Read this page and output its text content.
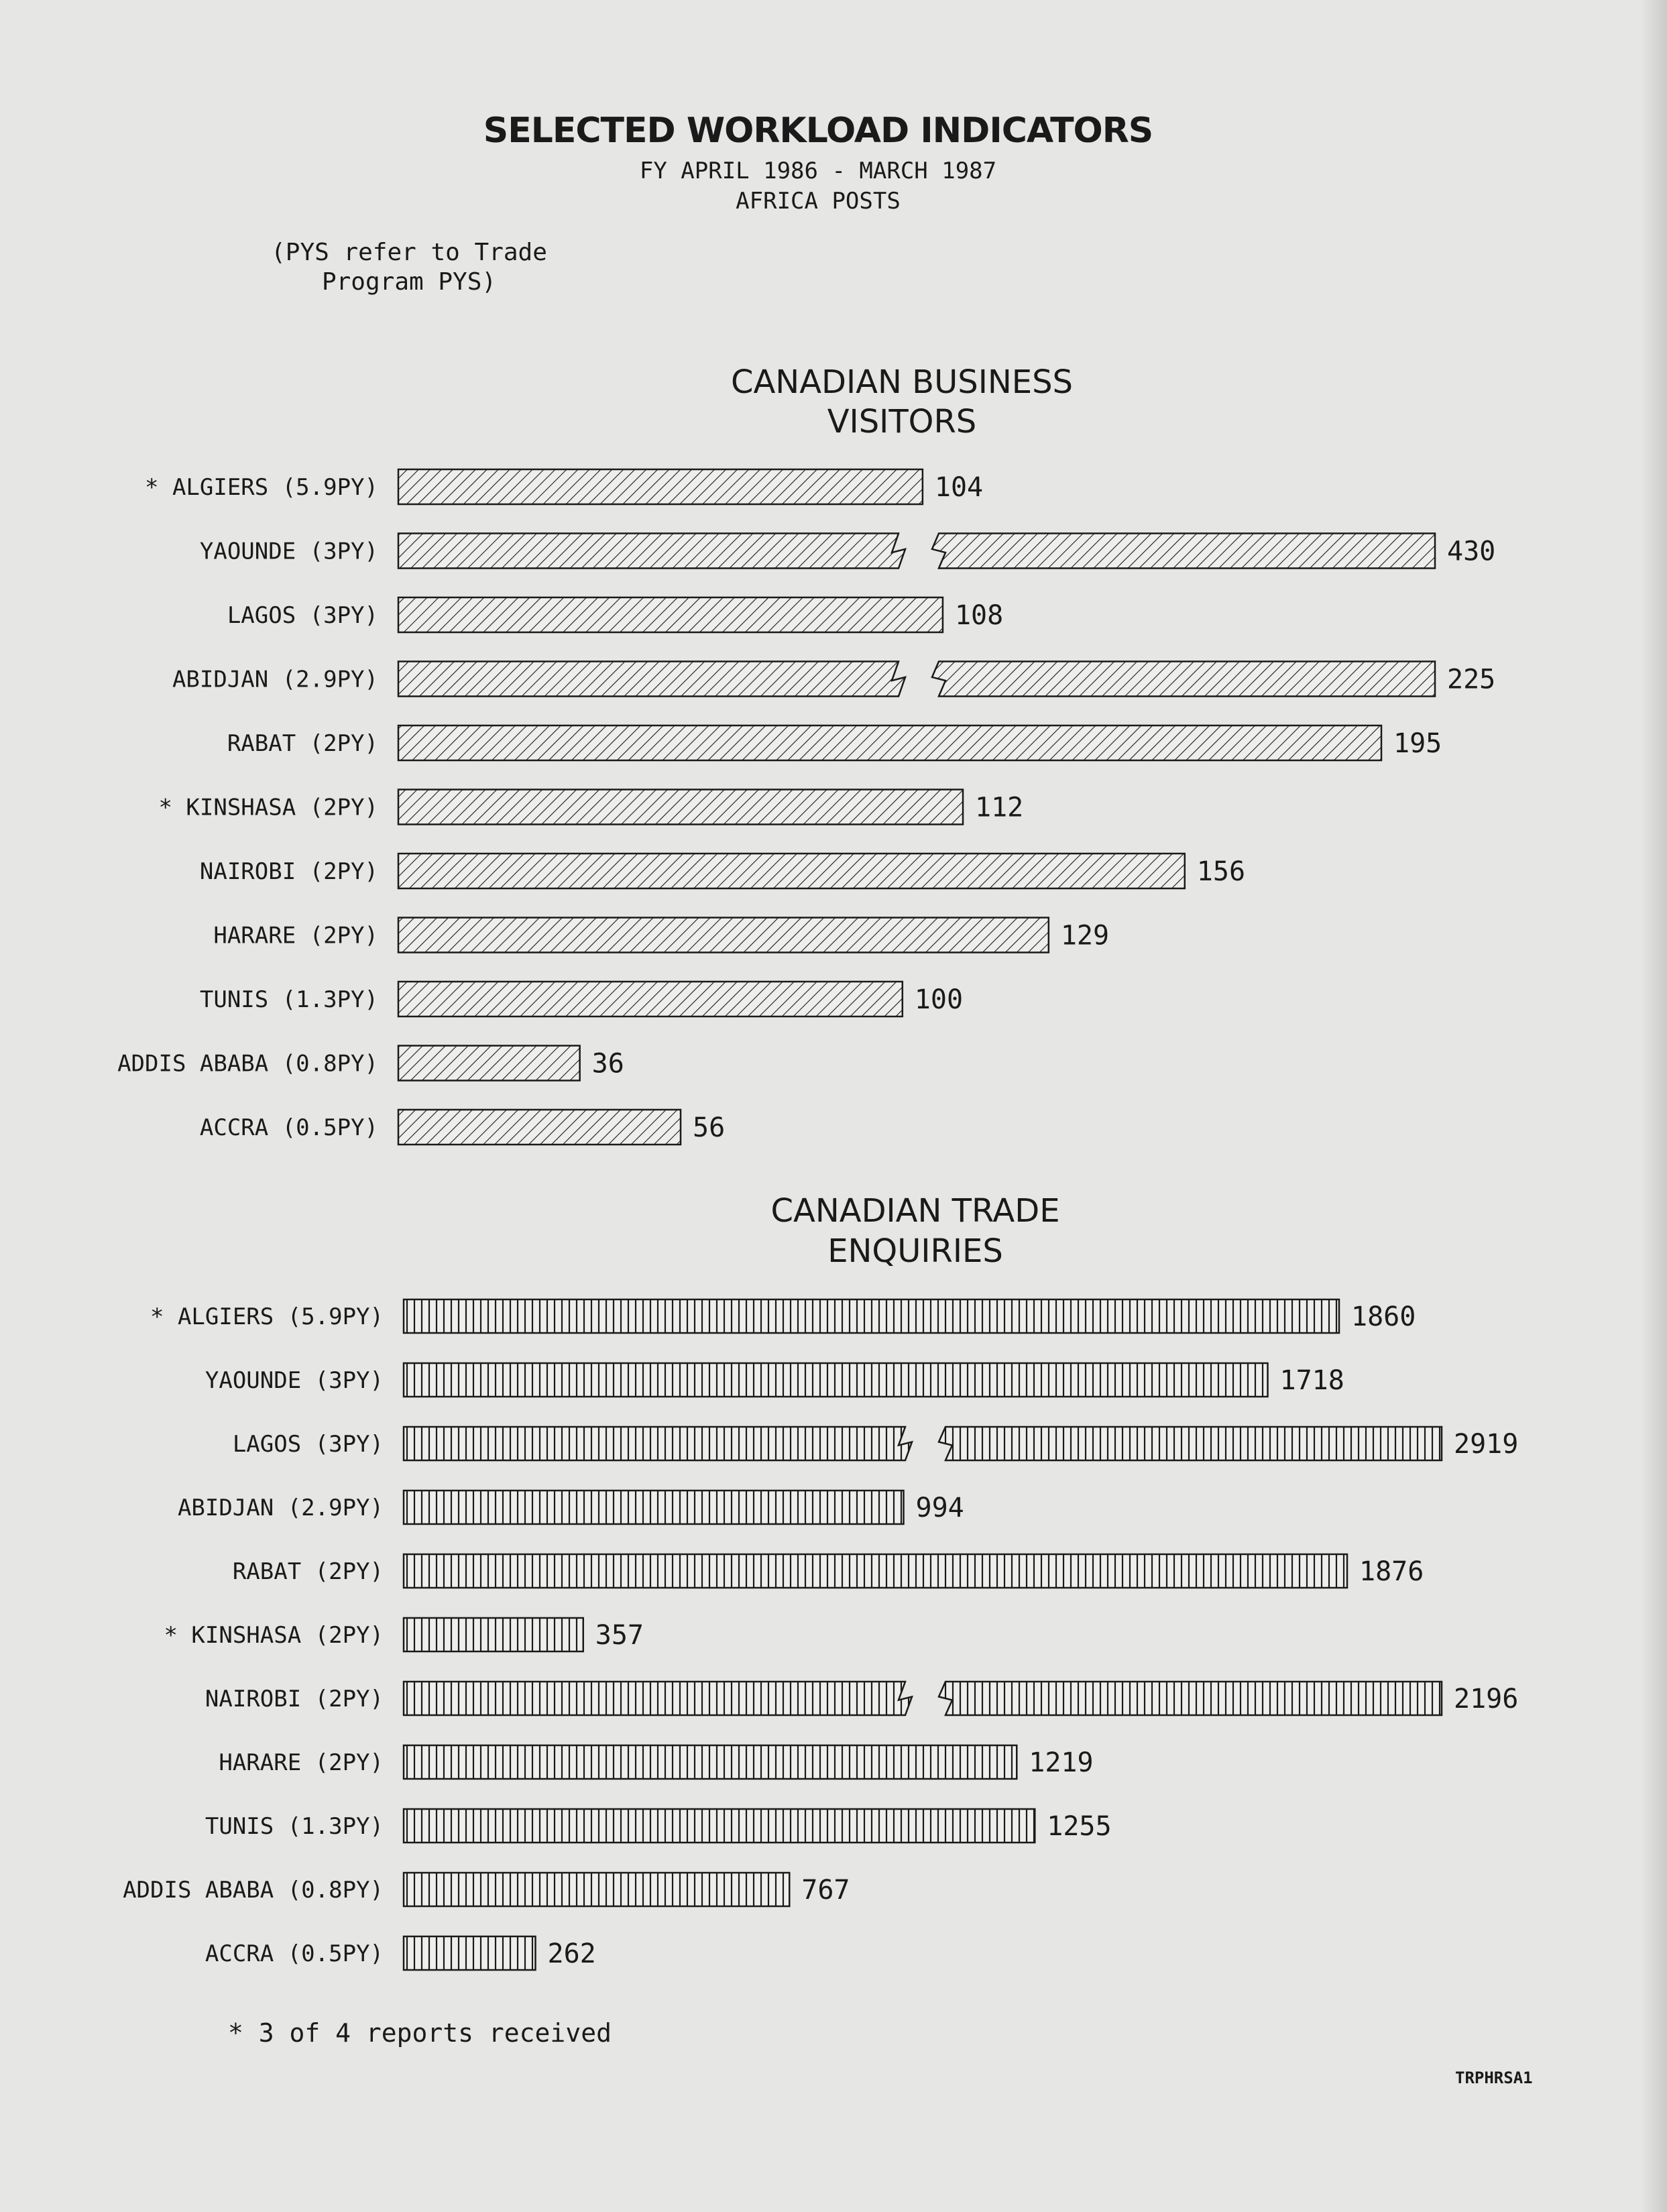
SELECTED WORKLOAD INDICATORS
FY APRIL 1986 - MARCH 1987
AFRICA POSTS
(PYS refer to Trade
Program PYS)
CANADIAN BUSINESS
VISITORS
* ALGIERS (5.9PY)	104
YAOUNDE (3PY)	430
LAGOS (3PY)	108
ABIDJAN (2.9PY)	225
RABAT (2PY)	195
* KINSHASA (2PY)	112
NAIROBI (2PY)	156
HARARE (2PY)	129
TUNIS (1.3PY)	100
ADDIS ABABA (0.8PY)	36
ACCRA (0.5PY)	56
CANADIAN TRADE
ENQUIRIES
* ALGIERS (5.9PY)	1860
YAOUNDE (3PY)	1718
LAGOS (3PY)	2919
ABIDJAN (2.9PY)	994
RABAT (2PY)	1876
* KINSHASA (2PY)	357
NAIROBI (2PY)	2196
HARARE (2PY)	1219
TUNIS (1.3PY)	1255
ADDIS ABABA (0.8PY)	767
ACCRA (0.5PY)	262
* 3 of 4 reports received
TRPHRSA1
